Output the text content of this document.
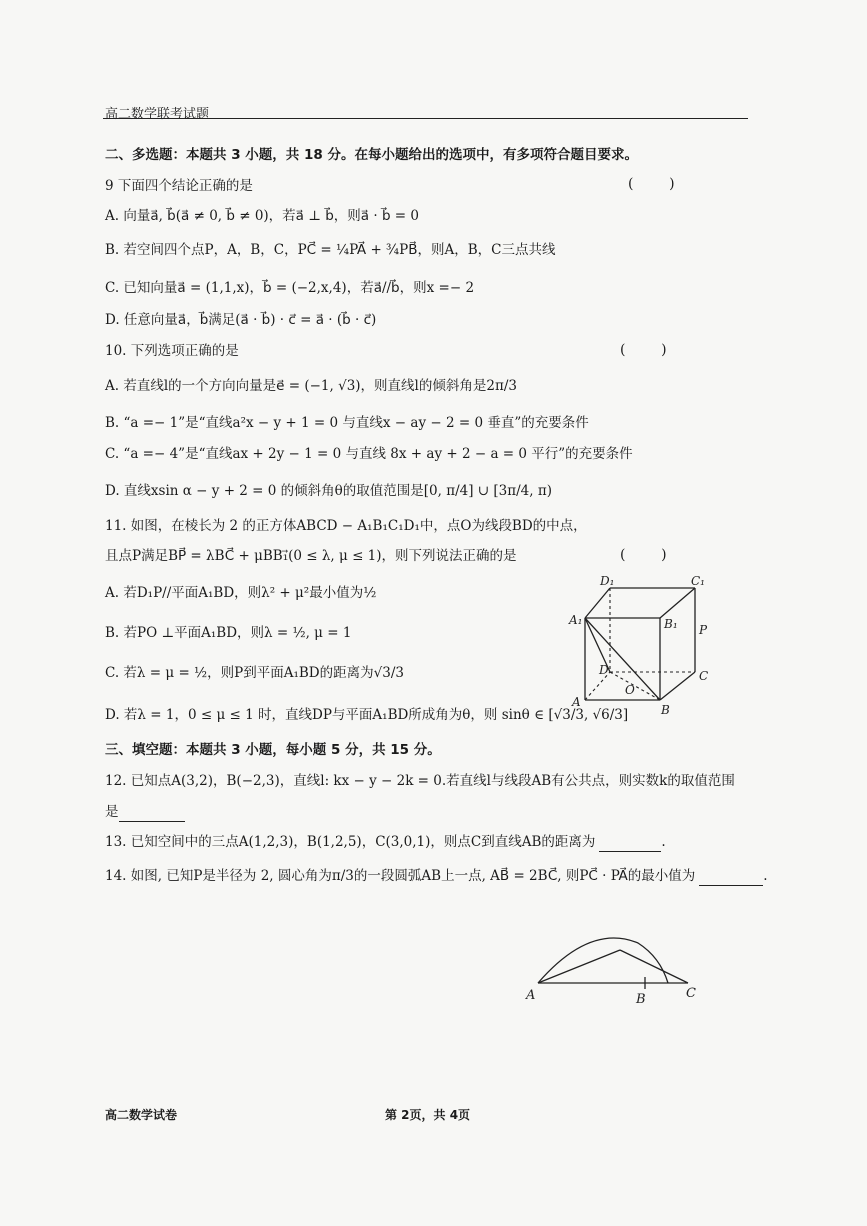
高二数学联考试题
二、多选题：本题共 3 小题，共 18 分。在每小题给出的选项中，有多项符合题目要求。
9 下面四个结论正确的是	(        )
A. 向量a⃗, b⃗(a⃗ ≠ 0, b⃗ ≠ 0)，若a⃗ ⊥ b⃗，则a⃗ · b⃗ = 0
B. 若空间四个点P，A，B，C，PC⃗ = ¼PA⃗ + ¾PB⃗，则A，B，C三点共线
C. 已知向量a⃗ = (1,1,x)，b⃗ = (−2,x,4)，若a⃗//b⃗，则x =− 2
D. 任意向量a⃗，b⃗满足(a⃗ · b⃗) · c⃗ = a⃗ · (b⃗ · c⃗)
10. 下列选项正确的是	(        )
A. 若直线l的一个方向向量是e⃗ = (−1, √3)，则直线l的倾斜角是2π/3
B. “a =− 1”是“直线a²x − y + 1 = 0 与直线x − ay − 2 = 0 垂直”的充要条件
C. “a =− 4”是“直线ax + 2y − 1 = 0 与直线 8x + ay + 2 − a = 0 平行”的充要条件
D. 直线xsin α − y + 2 = 0 的倾斜角θ的取值范围是[0, π/4] ∪ [3π/4, π)
11. 如图，在棱长为 2 的正方体ABCD − A₁B₁C₁D₁中，点O为线段BD的中点，
且点P满足BP⃗ = λBC⃗ + μBB₁⃗(0 ≤ λ, μ ≤ 1)，则下列说法正确的是	(        )
A. 若D₁P//平面A₁BD，则λ² + μ²最小值为½
B. 若PO ⊥平面A₁BD，则λ = ½, μ = 1
C. 若λ = μ = ½，则P到平面A₁BD的距离为√3/3
D. 若λ = 1，0 ≤ μ ≤ 1 时，直线DP与平面A₁BD所成角为θ，则 sinθ ∈ [√3/3, √6/3]
D₁	C₁
A₁	B₁ P
D	C
O
A
B
三、填空题：本题共 3 小题，每小题 5 分，共 15 分。
12. 已知点A(3,2)，B(−2,3)，直线l: kx − y − 2k = 0.若直线l与线段AB有公共点，则实数k的取值范围
是
13. 已知空间中的三点A(1,2,3)，B(1,2,5)，C(3,0,1)，则点C到直线AB的距离为	.
14. 如图, 已知P是半径为 2, 圆心角为π/3的一段圆弧AB上一点, AB⃗ = 2BC⃗, 则PC⃗ · PA⃗的最小值为	.
A	B	C
高二数学试卷	第 2页，共 4页
